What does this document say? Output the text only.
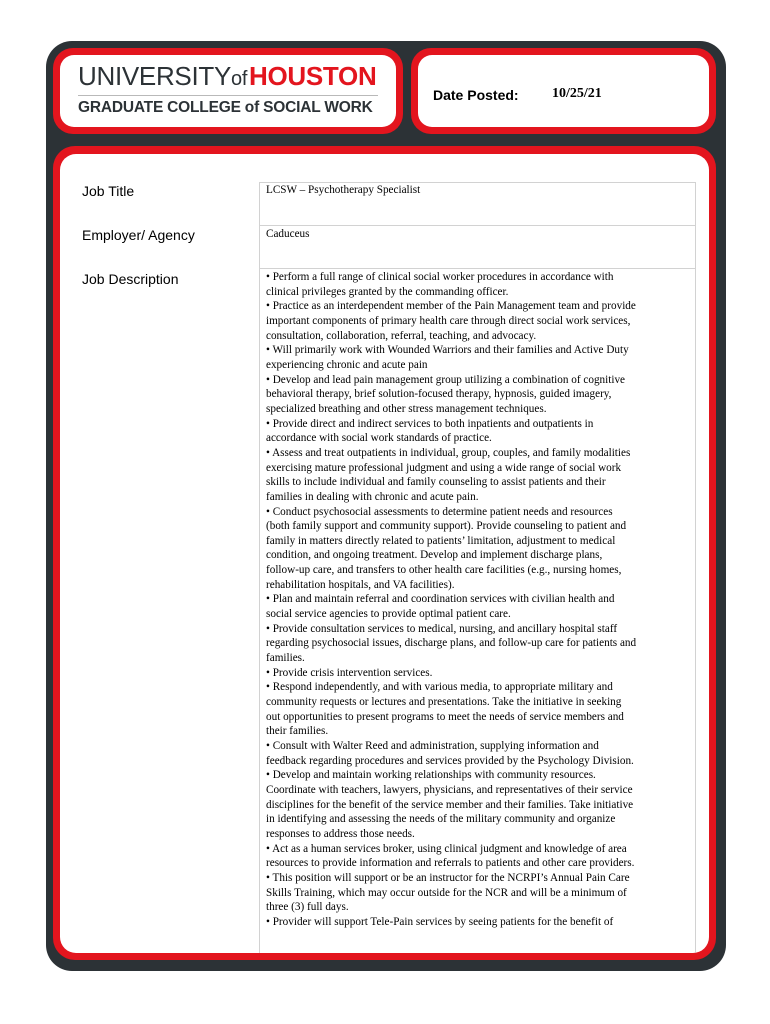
UNIVERSITYof HOUSTON
GRADUATE COLLEGE of SOCIAL WORK
Date Posted: 10/25/21
Job Title	LCSW – Psychotherapy Specialist
Employer/ Agency	Caduceus
Job Description	• Perform a full range of clinical social worker procedures in accordance with

clinical privileges granted by the commanding officer.

• Practice as an interdependent member of the Pain Management team and provide

important components of primary health care through direct social work services,

consultation, collaboration, referral, teaching, and advocacy.

• Will primarily work with Wounded Warriors and their families and Active Duty

experiencing chronic and acute pain

• Develop and lead pain management group utilizing a combination of cognitive

behavioral therapy, brief solution-focused therapy, hypnosis, guided imagery,

specialized breathing and other stress management techniques.

• Provide direct and indirect services to both inpatients and outpatients in

accordance with social work standards of practice.

• Assess and treat outpatients in individual, group, couples, and family modalities

exercising mature professional judgment and using a wide range of social work

skills to include individual and family counseling to assist patients and their

families in dealing with chronic and acute pain.

• Conduct psychosocial assessments to determine patient needs and resources

(both family support and community support). Provide counseling to patient and

family in matters directly related to patients’ limitation, adjustment to medical

condition, and ongoing treatment. Develop and implement discharge plans,

follow-up care, and transfers to other health care facilities (e.g., nursing homes,

rehabilitation hospitals, and VA facilities).

• Plan and maintain referral and coordination services with civilian health and

social service agencies to provide optimal patient care.

• Provide consultation services to medical, nursing, and ancillary hospital staff

regarding psychosocial issues, discharge plans, and follow-up care for patients and

families.

• Provide crisis intervention services.

• Respond independently, and with various media, to appropriate military and

community requests or lectures and presentations. Take the initiative in seeking

out opportunities to present programs to meet the needs of service members and

their families.

• Consult with Walter Reed and administration, supplying information and

feedback regarding procedures and services provided by the Psychology Division.

• Develop and maintain working relationships with community resources.

Coordinate with teachers, lawyers, physicians, and representatives of their service

disciplines for the benefit of the service member and their families. Take initiative

in identifying and assessing the needs of the military community and organize

responses to address those needs.

• Act as a human services broker, using clinical judgment and knowledge of area

resources to provide information and referrals to patients and other care providers.

• This position will support or be an instructor for the NCRPI’s Annual Pain Care

Skills Training, which may occur outside for the NCR and will be a minimum of

three (3) full days.

• Provider will support Tele-Pain services by seeing patients for the benefit of
